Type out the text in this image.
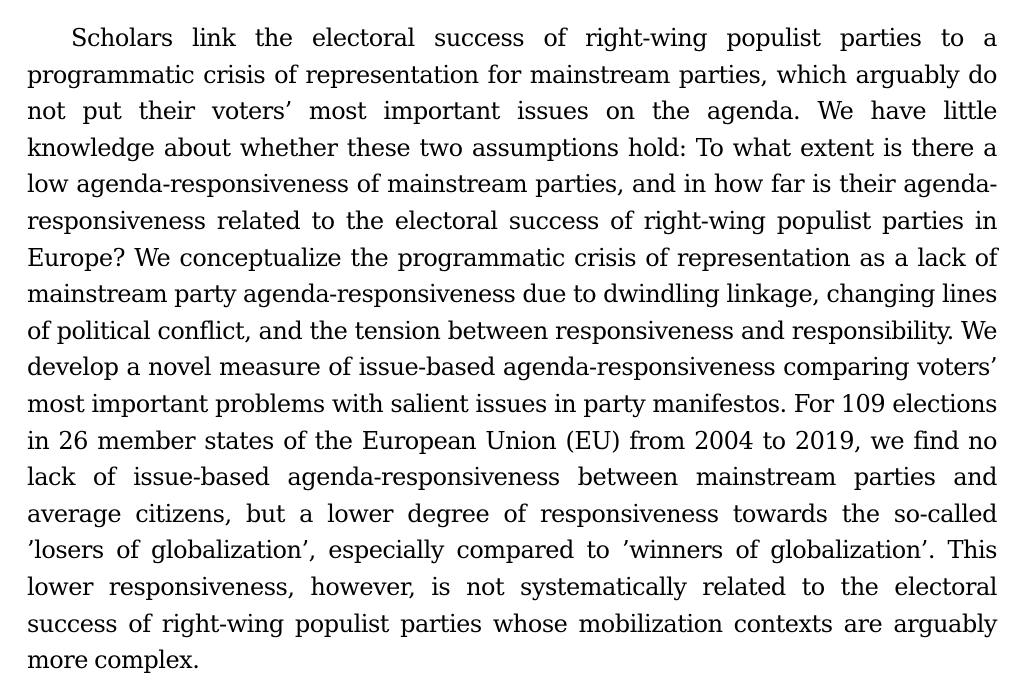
Scholars link the electoral success of right-wing populist parties to a programmatic crisis of representation for mainstream parties, which arguably do not put their voters’ most important issues on the agenda. We have little knowledge about whether these two assumptions hold: To what extent is there a low agenda-responsiveness of mainstream parties, and in how far is their agenda-responsiveness related to the electoral success of right-wing populist parties in Europe? We conceptualize the programmatic crisis of representation as a lack of mainstream party agenda-responsiveness due to dwindling linkage, changing lines of political conflict, and the tension between responsiveness and responsibility. We develop a novel measure of issue-based agenda-responsiveness comparing voters’ most important problems with salient issues in party manifestos. For 109 elections in 26 member states of the European Union (EU) from 2004 to 2019, we find no lack of issue-based agenda-responsiveness between mainstream parties and average citizens, but a lower degree of responsiveness towards the so-called ’losers of globalization’, especially compared to ’winners of globalization’. This lower responsiveness, however, is not systematically related to the electoral success of right-wing populist parties whose mobilization contexts are arguably more complex.
